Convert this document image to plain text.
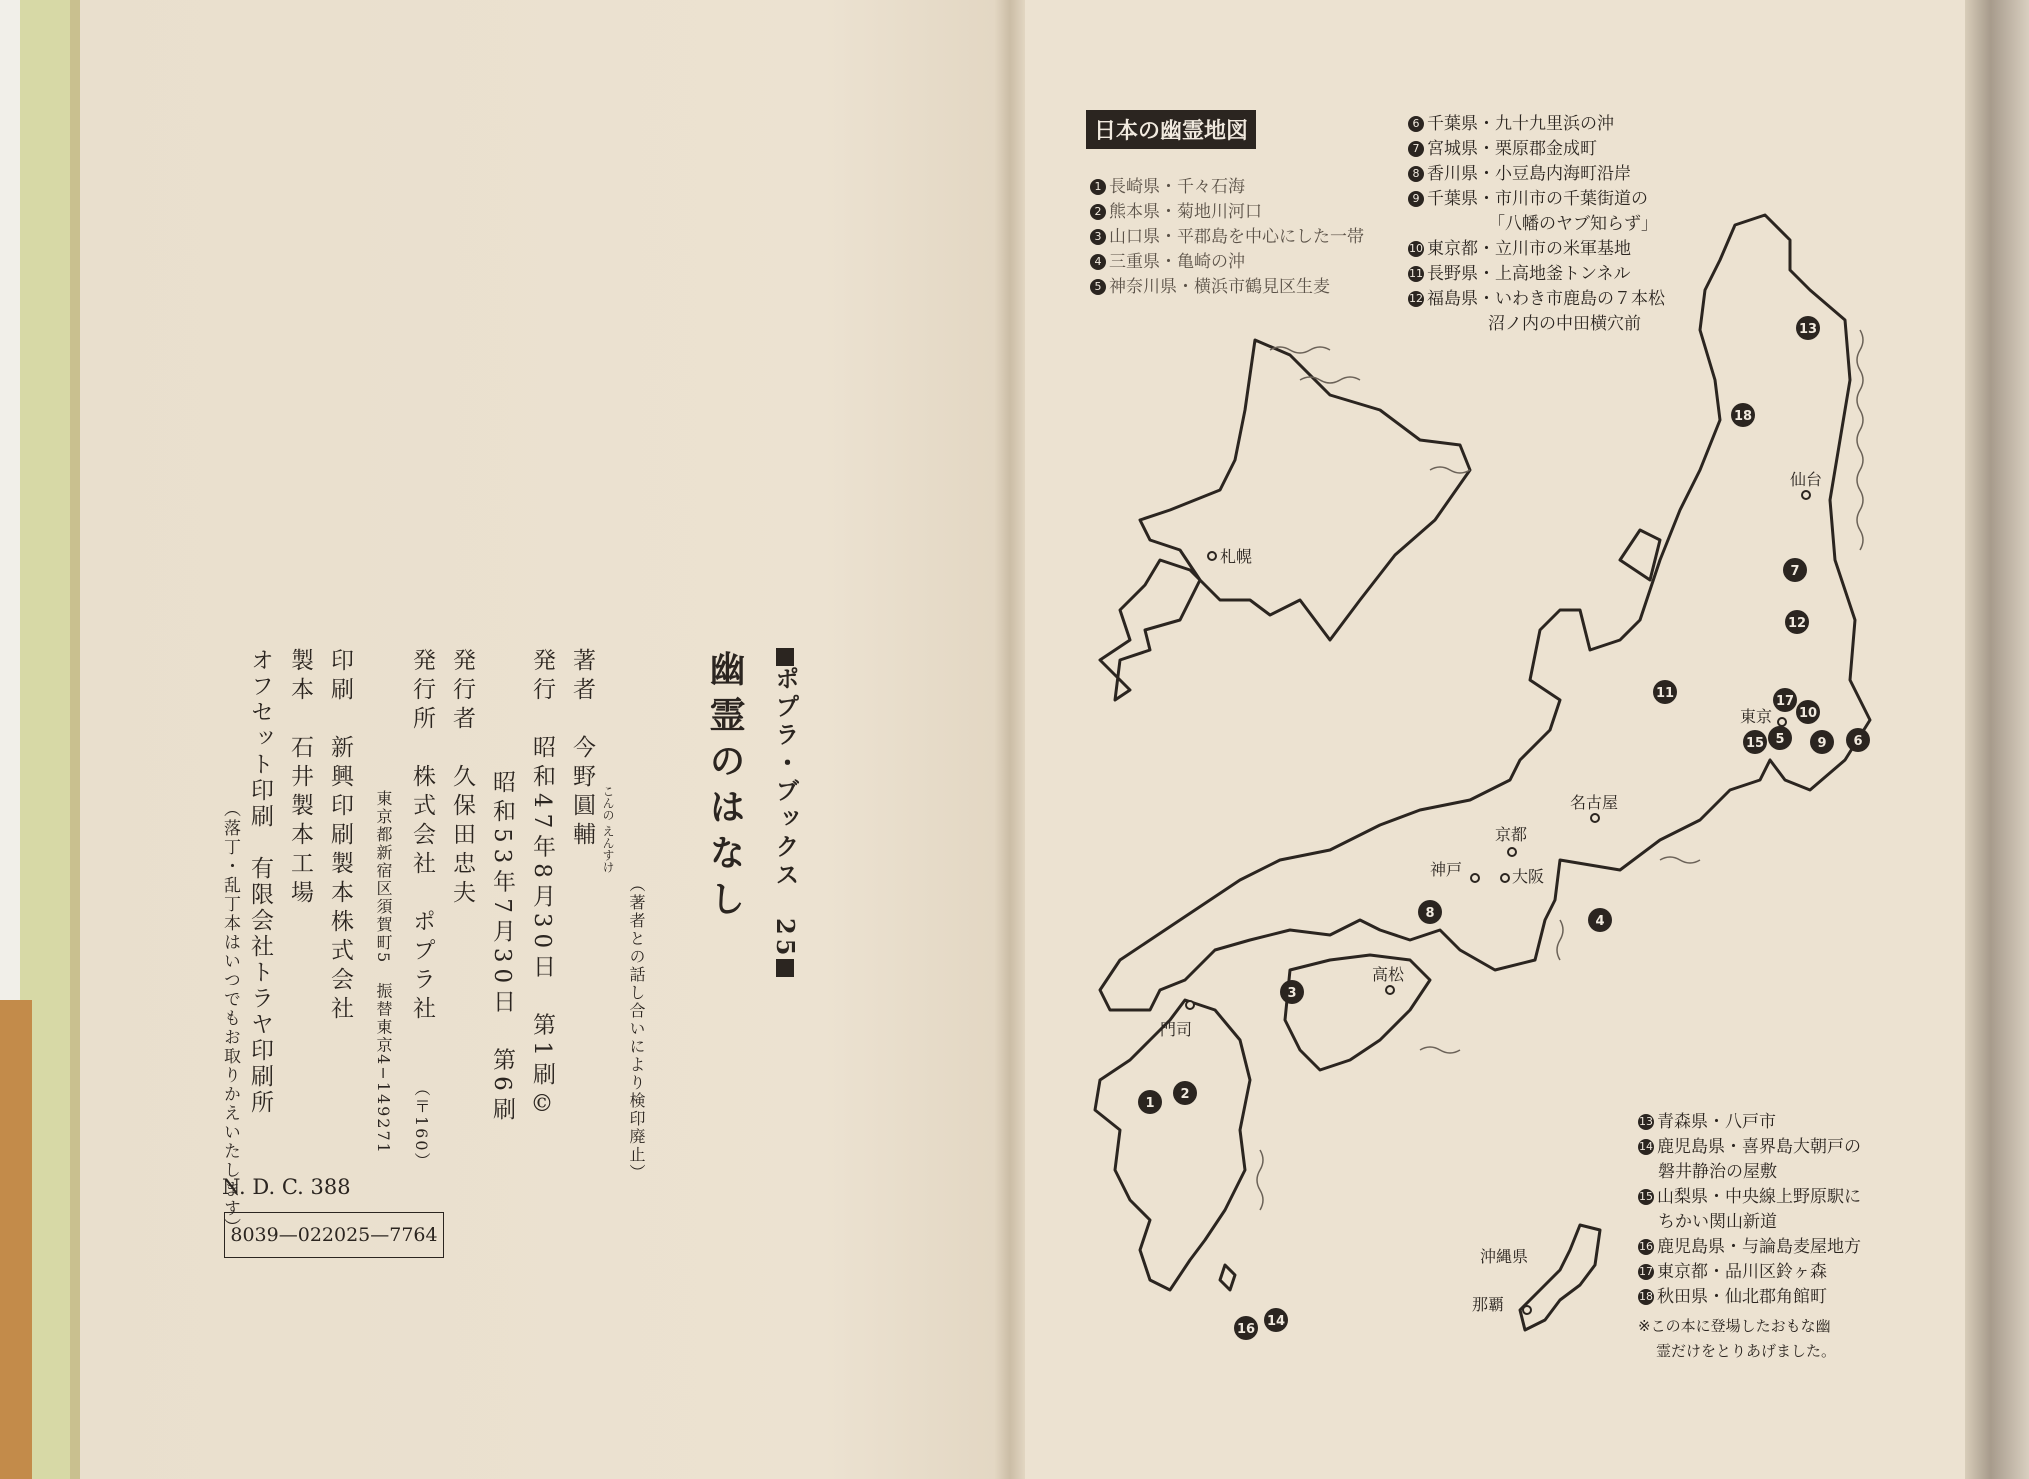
ポプラ・ブックス　25
幽霊のはなし
（著者との話し合いにより検印廃止）
著者　今野圓輔 こんの えんすけ
発行　昭和47年8月30日　第1刷©
昭和53年7月30日　第6刷
発行者　久保田忠夫
発行所　株式会社　ポプラ社
東京都新宿区須賀町5　振替東京4−149271 （〒160）
印刷　新興印刷製本株式会社
製本　石井製本工場
オフセット印刷　有限会社トラヤ印刷所
（落丁・乱丁本はいつでもお取りかえいたします）
N. D. C. 388
8039—022025—7764
札幌
仙台
東京
名古屋
京都
神戸	大阪
高松
門司
沖縄県
那覇
13
18
7
12
11
17
10
15 5	9 6
4
8
3
2
1
14
16
日本の幽霊地図
1 長崎県・千々石海
2 熊本県・菊地川河口
3 山口県・平郡島を中心にした一帯
4 三重県・亀崎の沖
5 神奈川県・横浜市鶴見区生麦
6 千葉県・九十九里浜の沖
7 宮城県・栗原郡金成町
8 香川県・小豆島内海町沿岸
9 千葉県・市川市の千葉街道の
「八幡のヤブ知らず」
10 東京都・立川市の米軍基地
11 長野県・上高地釜トンネル
12 福島県・いわき市鹿島の７本松
沼ノ内の中田横穴前
13 青森県・八戸市
14 鹿児島県・喜界島大朝戸の
磐井静治の屋敷
15 山梨県・中央線上野原駅に
ちかい関山新道
16 鹿児島県・与論島麦屋地方
17 東京都・品川区鈴ヶ森
18 秋田県・仙北郡角館町
※この本に登場したおもな幽
霊だけをとりあげました。
